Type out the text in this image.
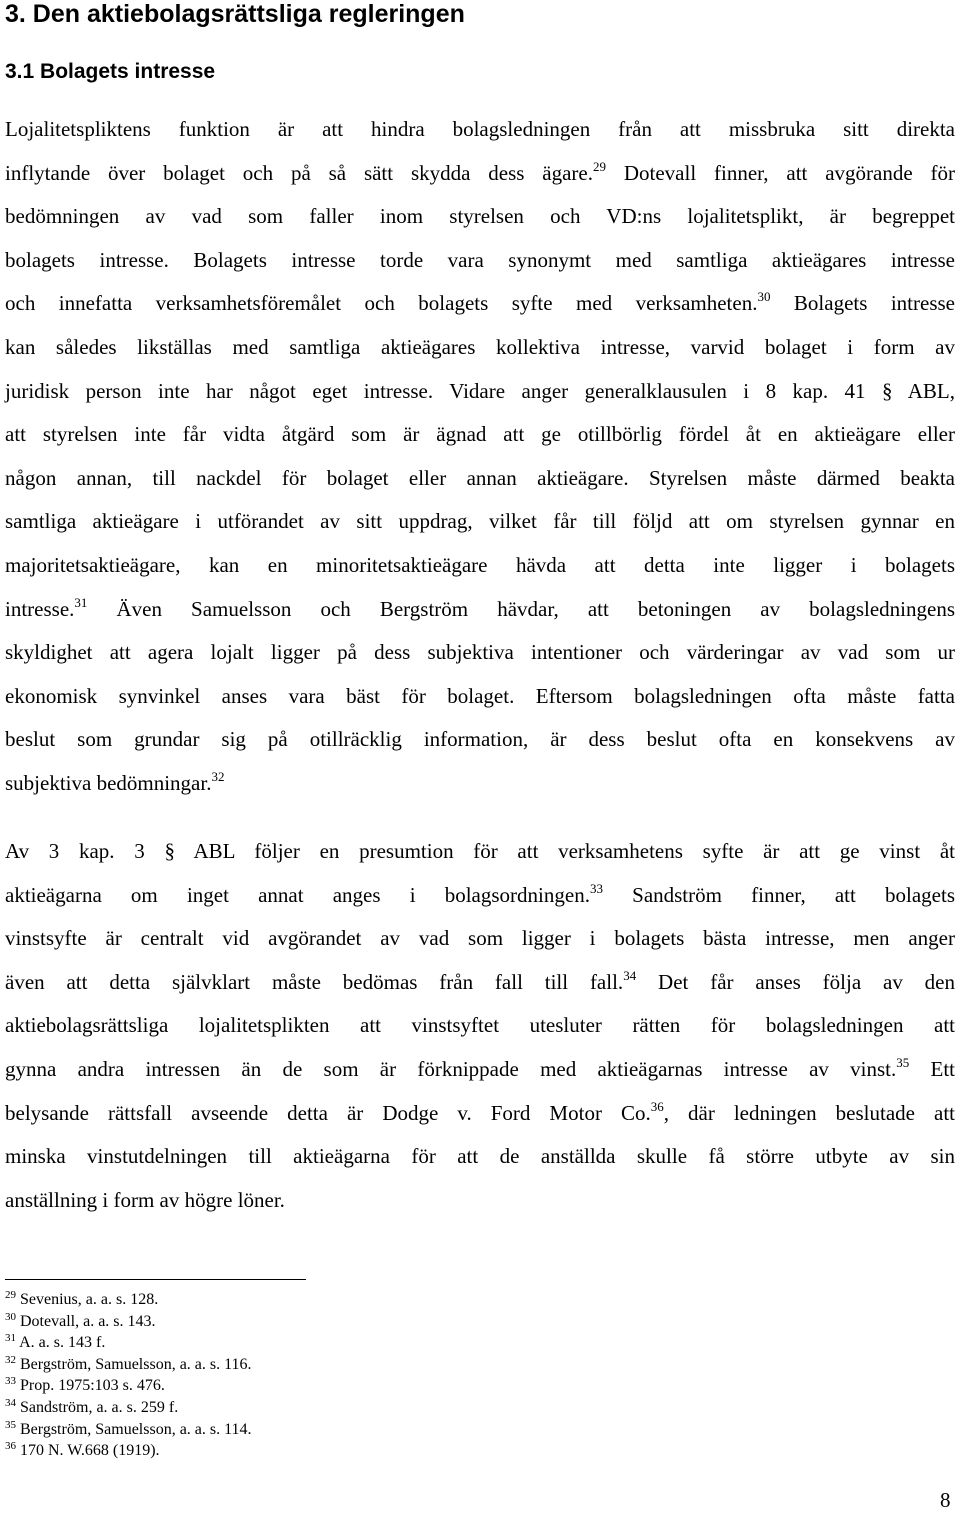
3. Den aktiebolagsrättsliga regleringen
3.1 Bolagets intresse
Lojalitetspliktens funktion är att hindra bolagsledningen från att missbruka sitt direkta
inflytande över bolaget och på så sätt skydda dess ägare.$^{29}$ Dotevall finner, att avgörande för
bedömningen av vad som faller inom styrelsen och VD:ns lojalitetsplikt, är begreppet
bolagets intresse. Bolagets intresse torde vara synonymt med samtliga aktieägares intresse
och innefatta verksamhetsföremålet och bolagets syfte med verksamheten.$^{30}$ Bolagets intresse
kan således likställas med samtliga aktieägares kollektiva intresse, varvid bolaget i form av
juridisk person inte har något eget intresse. Vidare anger generalklausulen i 8 kap. 41 § ABL,
att styrelsen inte får vidta åtgärd som är ägnad att ge otillbörlig fördel åt en aktieägare eller
någon annan, till nackdel för bolaget eller annan aktieägare. Styrelsen måste därmed beakta
samtliga aktieägare i utförandet av sitt uppdrag, vilket får till följd att om styrelsen gynnar en
majoritetsaktieägare, kan en minoritetsaktieägare hävda att detta inte ligger i bolagets
intresse.$^{31}$ Även Samuelsson och Bergström hävdar, att betoningen av bolagsledningens
skyldighet att agera lojalt ligger på dess subjektiva intentioner och värderingar av vad som ur
ekonomisk synvinkel anses vara bäst för bolaget. Eftersom bolagsledningen ofta måste fatta
beslut som grundar sig på otillräcklig information, är dess beslut ofta en konsekvens av
subjektiva bedömningar.$^{32}$
Av 3 kap. 3 § ABL följer en presumtion för att verksamhetens syfte är att ge vinst åt
aktieägarna om inget annat anges i bolagsordningen.$^{33}$ Sandström finner, att bolagets
vinstsyfte är centralt vid avgörandet av vad som ligger i bolagets bästa intresse, men anger
även att detta självklart måste bedömas från fall till fall.$^{34}$ Det får anses följa av den
aktiebolagsrättsliga lojalitetsplikten att vinstsyftet utesluter rätten för bolagsledningen att
gynna andra intressen än de som är förknippade med aktieägarnas intresse av vinst.$^{35}$ Ett
belysande rättsfall avseende detta är Dodge v. Ford Motor Co.$^{36}$, där ledningen beslutade att
minska vinstutdelningen till aktieägarna för att de anställda skulle få större utbyte av sin
anställning i form av högre löner.
$^{29}$ Sevenius, a. a. s. 128.
$^{30}$ Dotevall, a. a. s. 143.
$^{31}$ A. a. s. 143 f.
$^{32}$ Bergström, Samuelsson, a. a. s. 116.
$^{33}$ Prop. 1975:103 s. 476.
$^{34}$ Sandström, a. a. s. 259 f.
$^{35}$ Bergström, Samuelsson, a. a. s. 114.
$^{36}$ 170 N. W.668 (1919).
8
